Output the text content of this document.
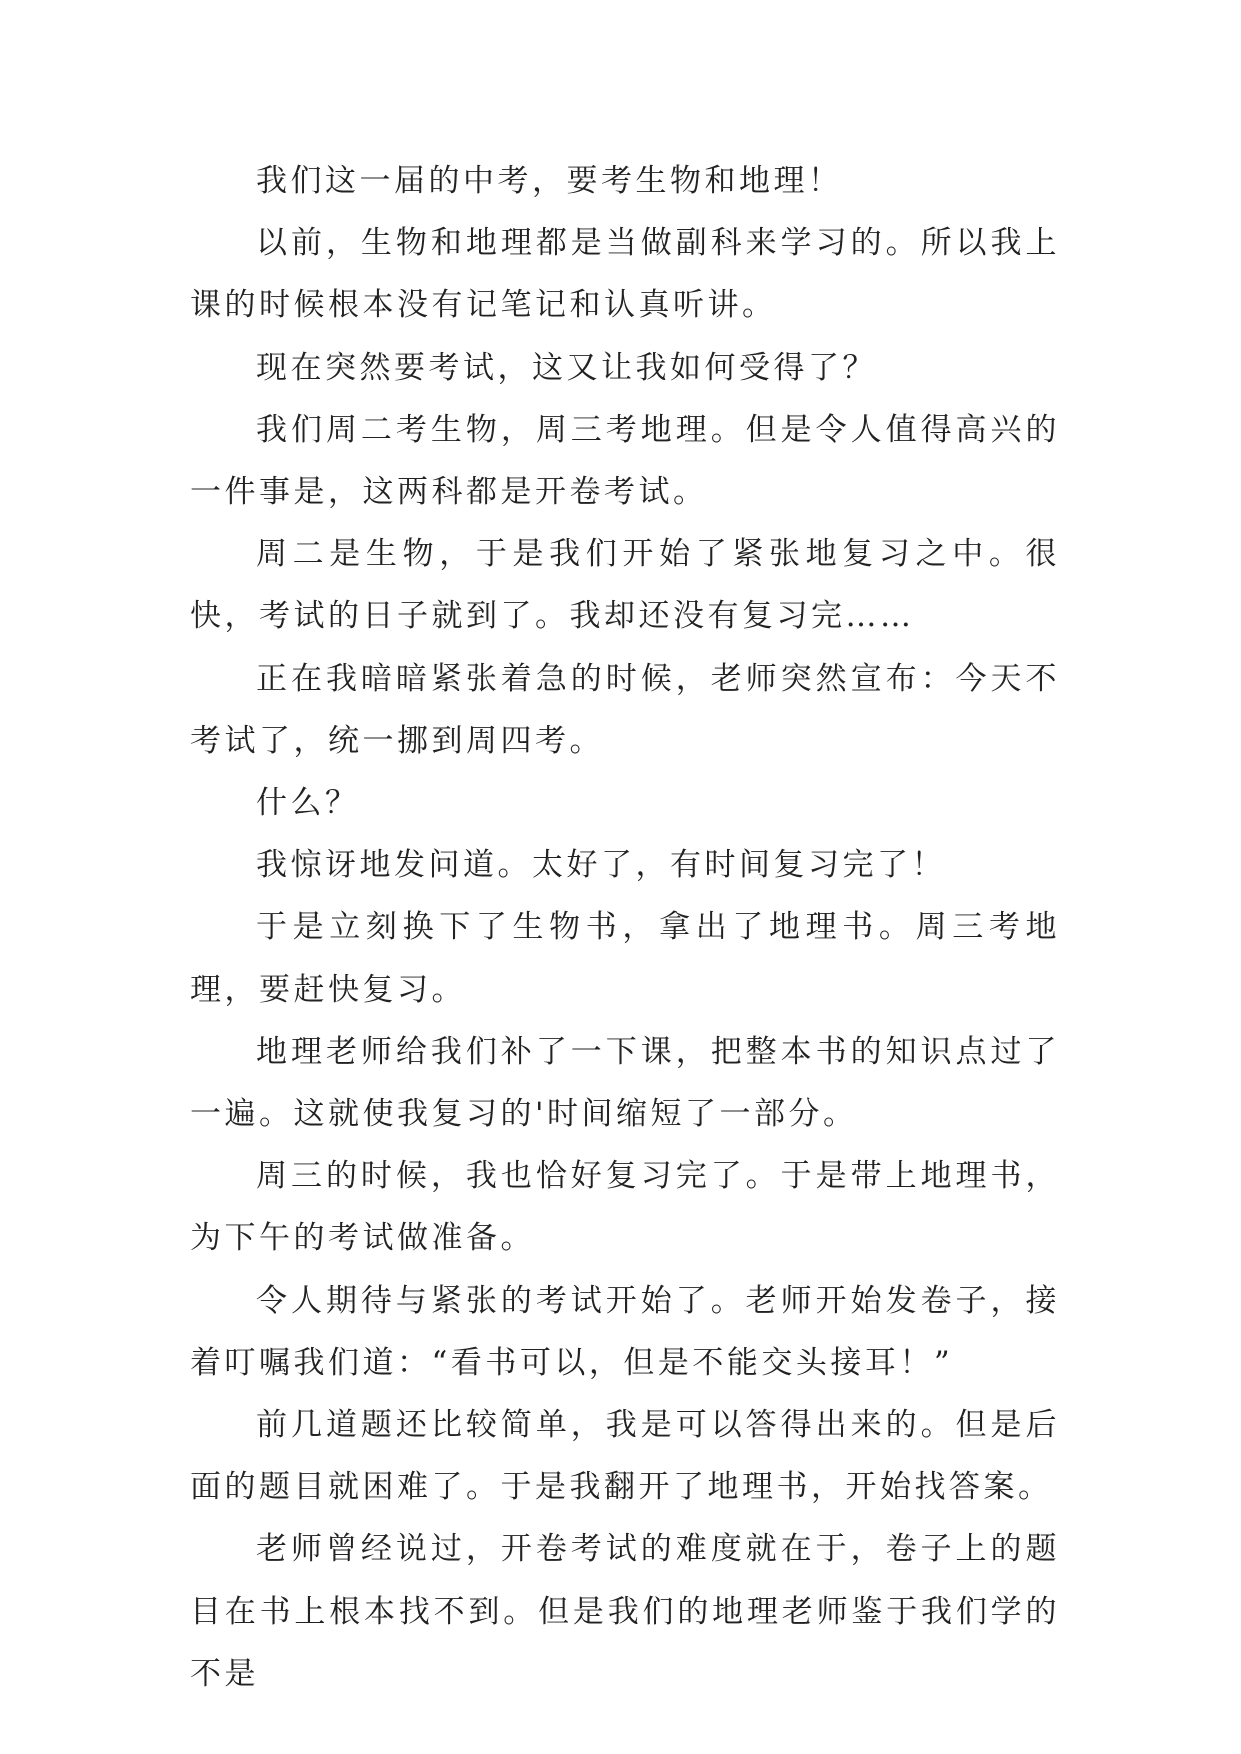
我们这一届的中考，要考生物和地理！

以前，生物和地理都是当做副科来学习的。所以我上课的时候根本没有记笔记和认真听讲。

现在突然要考试，这又让我如何受得了？

我们周二考生物，周三考地理。但是令人值得高兴的一件事是，这两科都是开卷考试。

周二是生物，于是我们开始了紧张地复习之中。很快，考试的日子就到了。我却还没有复习完……

正在我暗暗紧张着急的时候，老师突然宣布：今天不考试了，统一挪到周四考。

什么？

我惊讶地发问道。太好了，有时间复习完了！

于是立刻换下了生物书，拿出了地理书。周三考地理，要赶快复习。

地理老师给我们补了一下课，把整本书的知识点过了一遍。这就使我复习的'时间缩短了一部分。

周三的时候，我也恰好复习完了。于是带上地理书，为下午的考试做准备。

令人期待与紧张的考试开始了。老师开始发卷子，接着叮嘱我们道：“看书可以，但是不能交头接耳！”

前几道题还比较简单，我是可以答得出来的。但是后面的题目就困难了。于是我翻开了地理书，开始找答案。

老师曾经说过，开卷考试的难度就在于，卷子上的题目在书上根本找不到。但是我们的地理老师鉴于我们学的不是
